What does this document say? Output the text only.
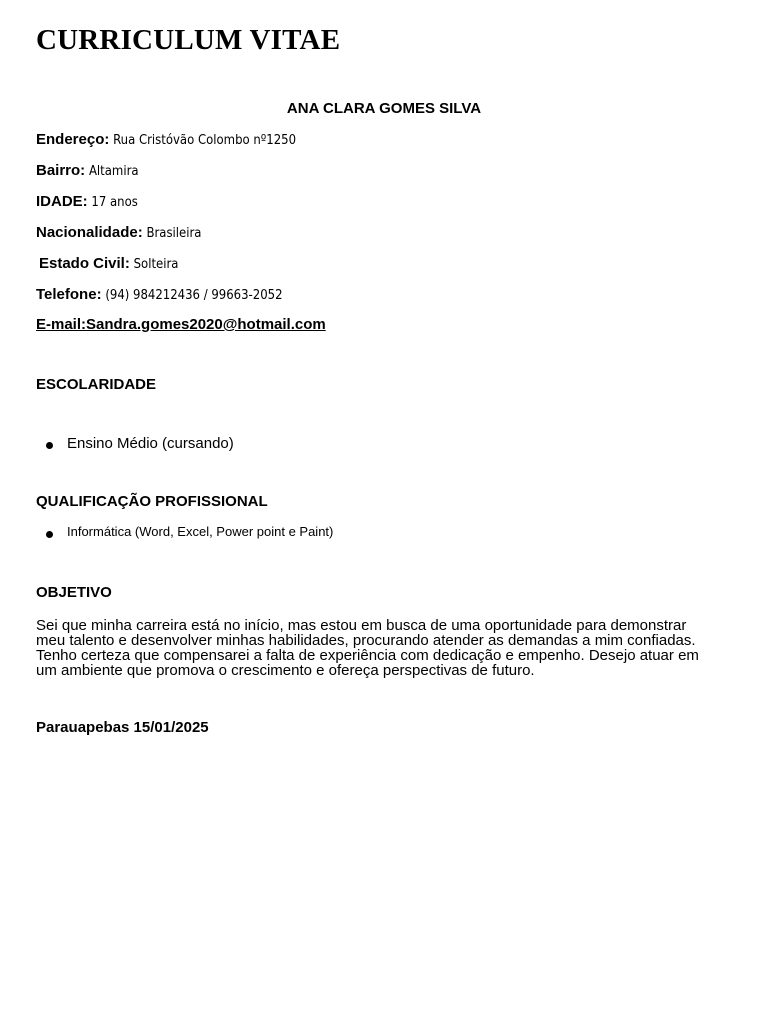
CURRICULUM VITAE
ANA CLARA GOMES SILVA
Endereço: Rua Cristóvão Colombo nº1250
Bairro: Altamira
IDADE: 17 anos
Nacionalidade: Brasileira
Estado Civil: Solteira
Telefone: (94) 984212436 / 99663-2052
E-mail:Sandra.gomes2020@hotmail.com
ESCOLARIDADE
Ensino Médio (cursando)
QUALIFICAÇÃO PROFISSIONAL
Informática (Word, Excel, Power point e Paint)
OBJETIVO
Sei que minha carreira está no início, mas estou em busca de uma oportunidade para demonstrar
meu talento e desenvolver minhas habilidades, procurando atender as demandas a mim confiadas.
Tenho certeza que compensarei a falta de experiência com dedicação e empenho. Desejo atuar em
um ambiente que promova o crescimento e ofereça perspectivas de futuro.
Parauapebas 15/01/2025
